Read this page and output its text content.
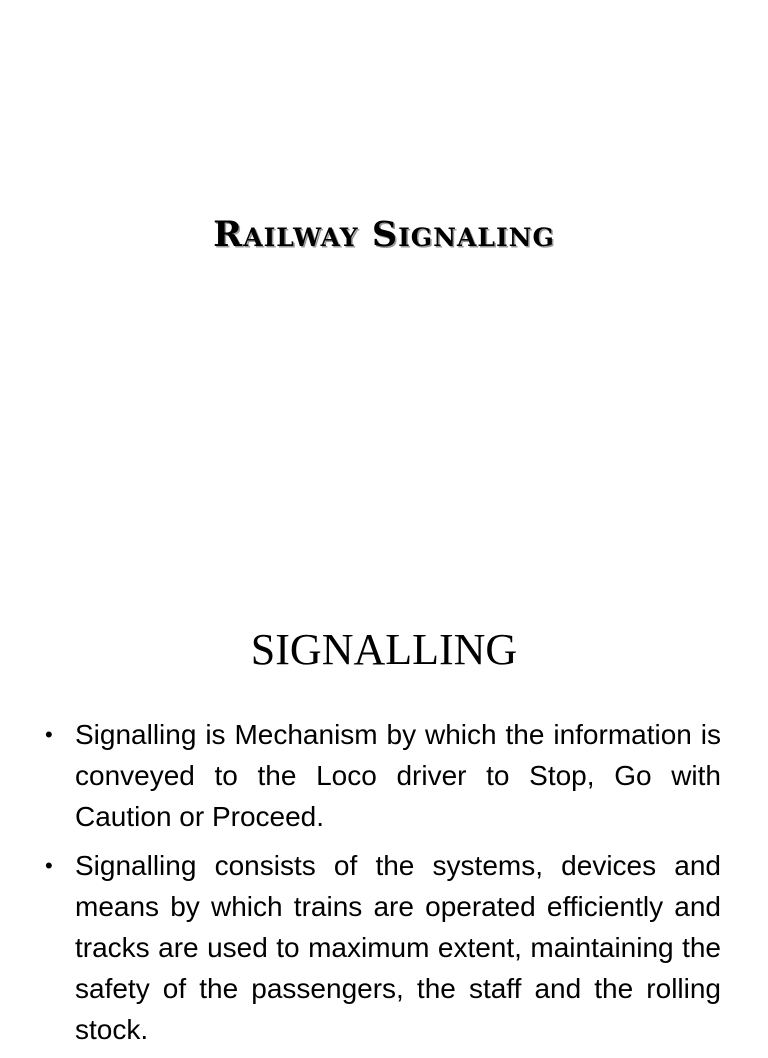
Railway Signaling
SIGNALLING
• Signalling is Mechanism by which the information is conveyed to the Loco driver to Stop, Go with Caution or Proceed.
• Signalling consists of the systems, devices and means by which trains are operated efficiently and tracks are used to maximum extent, maintaining the safety of the passengers, the staff and the rolling stock.
